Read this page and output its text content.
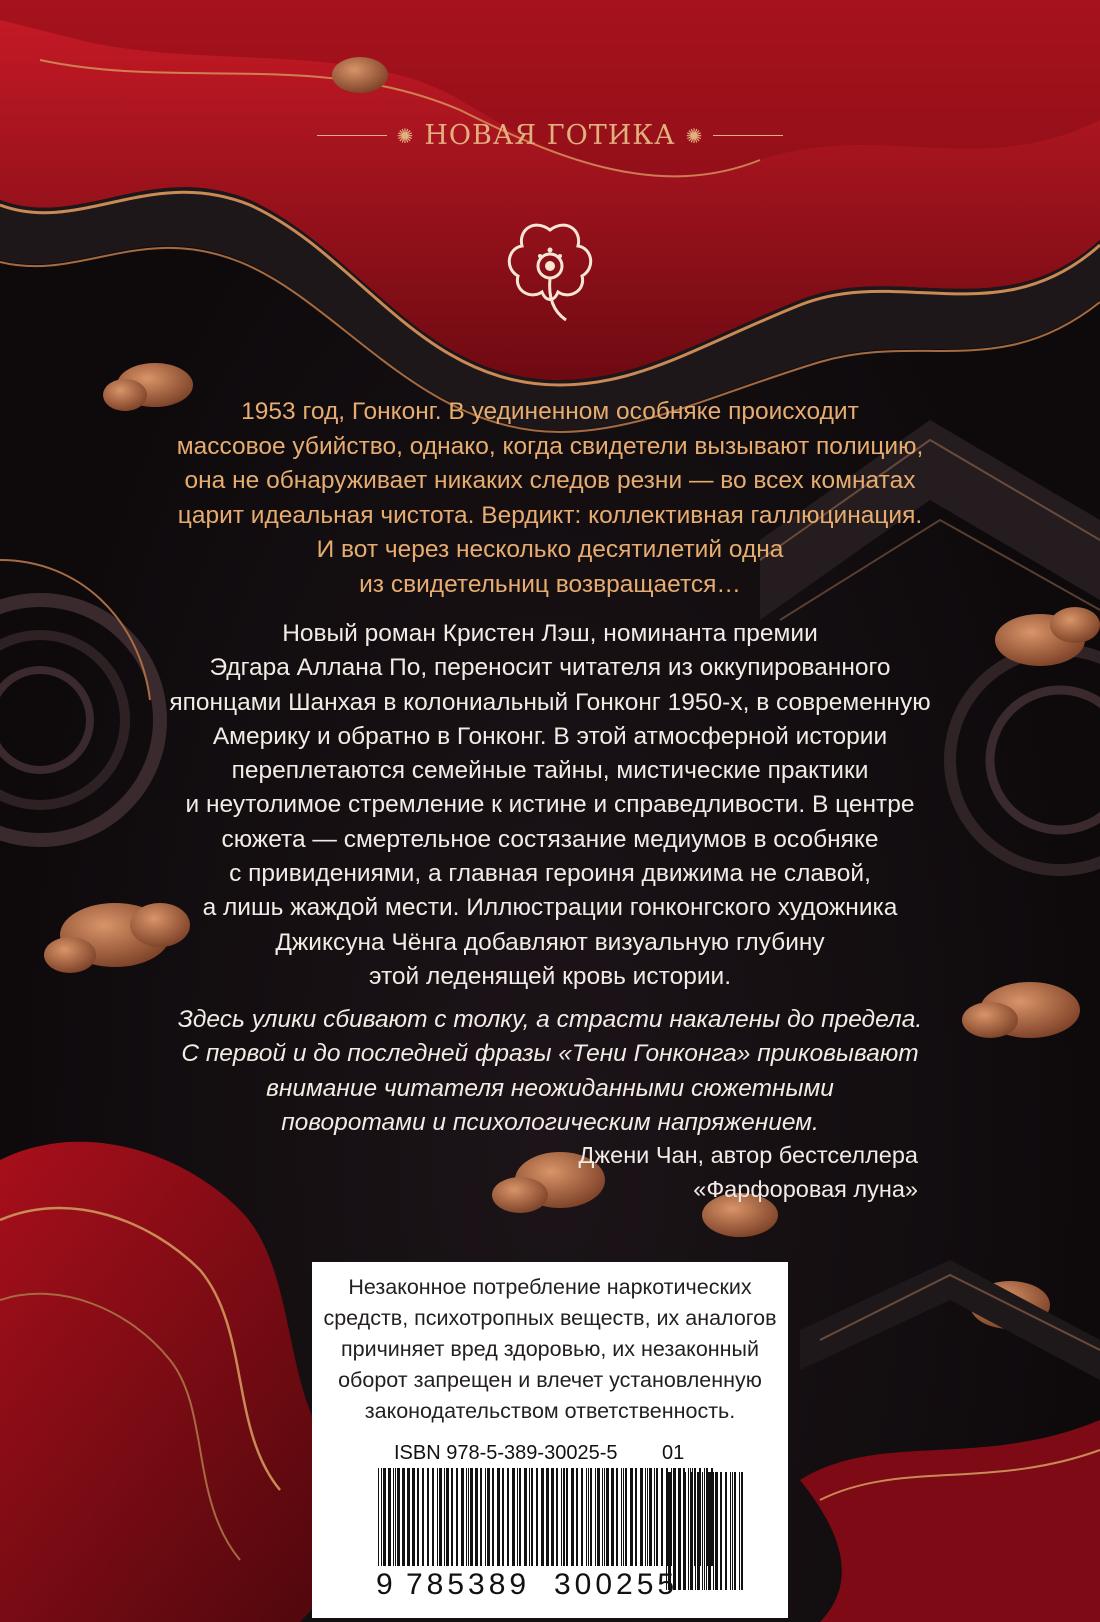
✺ НОВАЯ ГОТИКА ✺
1953 год, Гонконг. В уединенном особняке происходит
массовое убийство, однако, когда свидетели вызывают полицию,
она не обнаруживает никаких следов резни — во всех комнатах
царит идеальная чистота. Вердикт: коллективная галлюцинация.
И вот через несколько десятилетий одна
из свидетельниц возвращается…
Новый роман Кристен Лэш, номинанта премии
Эдгара Аллана По, переносит читателя из оккупированного
японцами Шанхая в колониальный Гонконг 1950-х, в современную
Америку и обратно в Гонконг. В этой атмосферной истории
переплетаются семейные тайны, мистические практики
и неутолимое стремление к истине и справедливости. В центре
сюжета — смертельное состязание медиумов в особняке
с привидениями, а главная героиня движима не славой,
а лишь жаждой мести. Иллюстрации гонконгского художника
Джиксуна Чёнга добавляют визуальную глубину
этой леденящей кровь истории.
Здесь улики сбивают с толку, а страсти накалены до предела.
С первой и до последней фразы «Тени Гонконга» приковывают
внимание читателя неожиданными сюжетными
поворотами и психологическим напряжением.
Джени Чан, автор бестселлера
«Фарфоровая луна»
Незаконное потребление наркотических
средств, психотропных веществ, их аналогов
причиняет вред здоровью, их незаконный
оборот запрещен и влечет установленную
законодательством ответственность.
ISBN 978-5-389-30025-5 01
9 785389 300255
